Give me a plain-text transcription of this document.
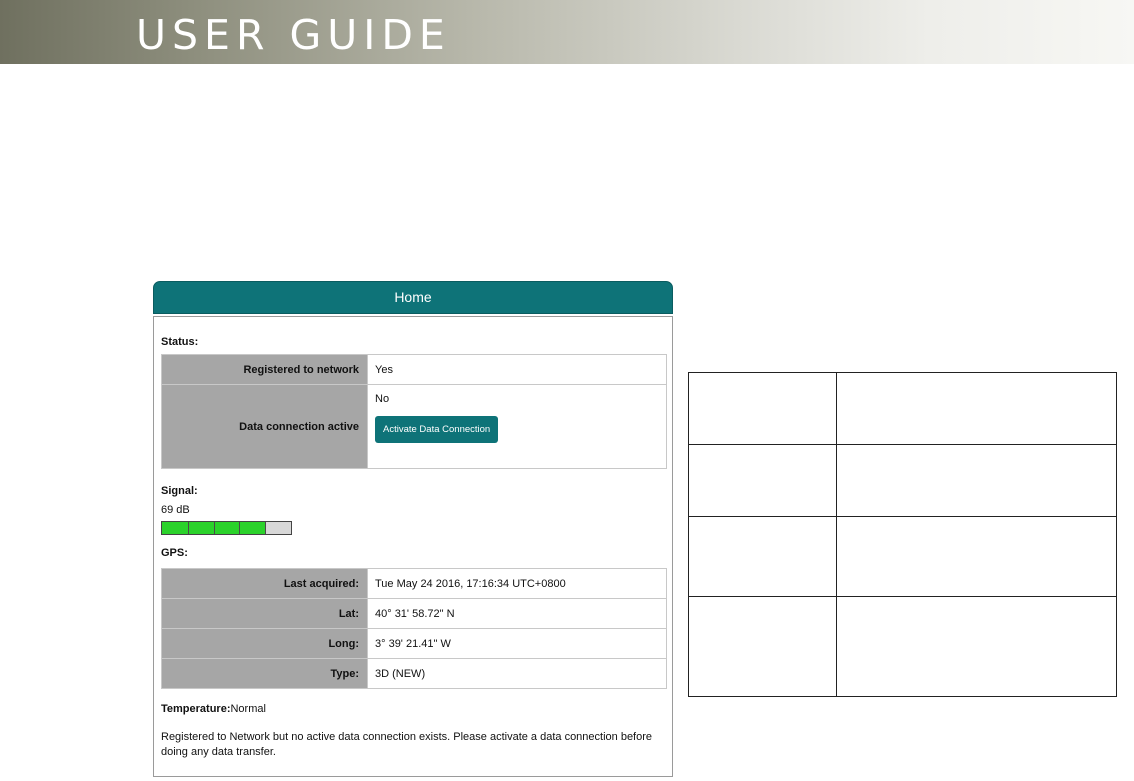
USER GUIDE
Home
Status:
Registered to network	Yes
Data connection active	No
Activate Data Connection
Signal:
69 dB
GPS:
Last acquired:	Tue May 24 2016, 17:16:34 UTC+0800
Lat:	40° 31' 58.72" N
Long:	3° 39' 21.41" W
Type:	3D (NEW)
Temperature:Normal
Registered to Network but no active data connection exists. Please activate a data connection before doing any data transfer.
